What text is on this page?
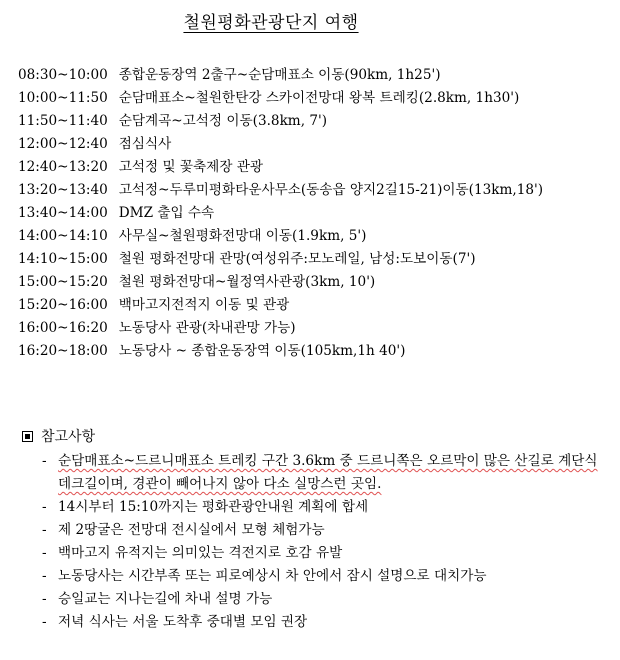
철원평화관광단지 여행
08:30~10:00 종합운동장역 2출구~순담매표소 이동(90km, 1h25')
10:00~11:50 순담매표소~철원한탄강 스카이전망대 왕복 트레킹(2.8km, 1h30')
11:50~11:40 순담계곡~고석정 이동(3.8km, 7')
12:00~12:40 점심식사
12:40~13:20 고석정 및 꽃축제장 관광
13:20~13:40 고석정~두루미평화타운사무소(동송읍 양지2길15-21)이동(13km,18')
13:40~14:00 DMZ 출입 수속
14:00~14:10 사무실~철원평화전망대 이동(1.9km, 5')
14:10~15:00 철원 평화전망대 관망(여성위주:모노레일, 남성:도보이동(7')
15:00~15:20 철원 평화전망대~월정역사관광(3km, 10')
15:20~16:00 백마고지전적지 이동 및 관광
16:00~16:20 노동당사 관광(차내관망 가능)
16:20~18:00 노동당사 ~ 종합운동장역 이동(105km,1h 40')
참고사항
- 순담매표소~드르니매표소 트레킹 구간 3.6km 중 드르니쪽은 오르막이 많은 산길로 계단식 데크길이며, 경관이 빼어나지 않아 다소 실망스런 곳임.
- 14시부터 15:10까지는 평화관광안내원 계획에 합세
- 제 2땅굴은 전망대 전시실에서 모형 체험가능
- 백마고지 유적지는 의미있는 격전지로 호감 유발
- 노동당사는 시간부족 또는 피로예상시 차 안에서 잠시 설명으로 대치가능
- 승일교는 지나는길에 차내 설명 가능
- 저녁 식사는 서울 도착후 중대별 모임 권장
